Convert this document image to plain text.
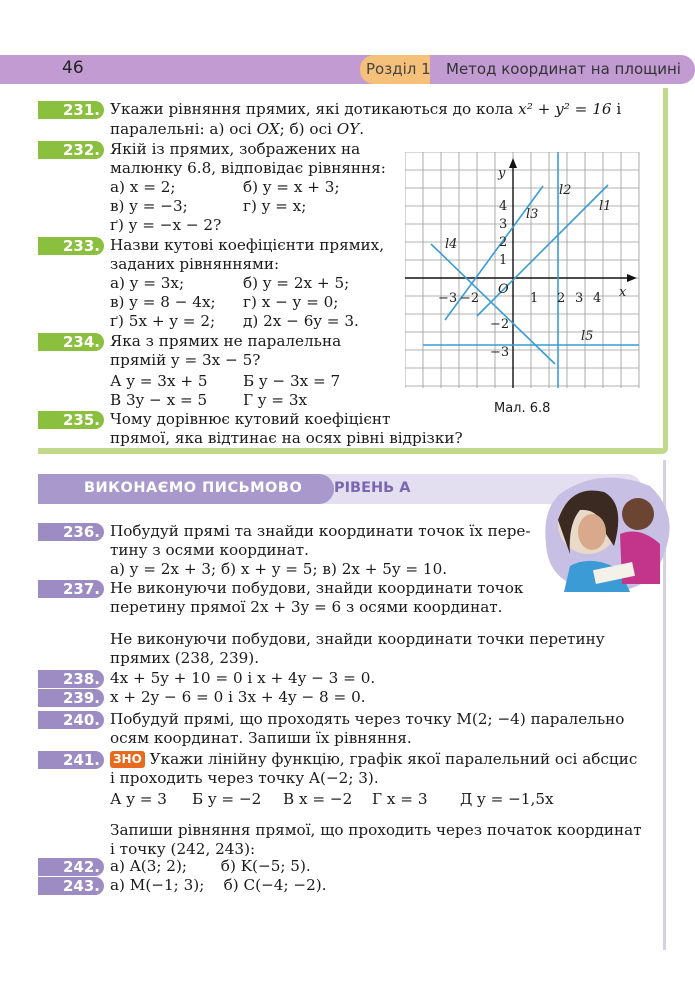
46	Розділ 1 Метод координат на площині
231. Укажи рівняння прямих, які дотикаються до кола x² + y² = 16 і
паралельні: а) осі OX; б) осі OY.
232. Якій із прямих, зображених на
малюнку 6.8, відповідає рівняння:
а) x = 2;	б) y = x + 3;
в) y = −3;	г) y = x;
ґ) y = −x − 2?
233. Назви кутові коефіцієнти прямих,
заданих рівняннями:
а) y = 3x;	б) y = 2x + 5;
в) y = 8 − 4x; г) x − y = 0;
ґ) 5x + y = 2; д) 2x − 6y = 3.
234. Яка з прямих не паралельна
прямій y = 3x − 5?
А y = 3x + 5 Б y − 3x = 7
В 3y − x = 5 Г y = 3x
235. Чому дорівнює кутовий коефіцієнт
прямої, яка відтинає на осях рівні відрізки?
x
y
O
−3 −2	1 2 3 4
4
3
2
1
−2
−3
l2
l1
l3
l4
l5
Мал. 6.8
ВИКОНАЄМО ПИСЬМОВО РІВЕНЬ А
236. Побудуй прямі та знайди координати точок їх пере-
тину з осями координат.
а) y = 2x + 3; б) x + y = 5; в) 2x + 5y = 10.
237. Не виконуючи побудови, знайди координати точок
перетину прямої 2x + 3y = 6 з осями координат.
Не виконуючи побудови, знайди координати точки перетину
прямих (238, 239).
238. 4x + 5y + 10 = 0 і x + 4y − 3 = 0.
239. x + 2y − 6 = 0 і 3x + 4y − 8 = 0.
240. Побудуй прямі, що проходять через точку M(2; −4) паралельно
осям координат. Запиши їх рівняння.
241.	ЗНО Укажи лінійну функцію, графік якої паралельний осі абсцис
і проходить через точку A(−2; 3).
А y = 3 Б y = −2 В x = −2 Г x = 3 Д y = −1,5x
Запиши рівняння прямої, що проходить через початок координат
і точку (242, 243):
242. а) A(3; 2);       б) K(−5; 5).
243. а) M(−1; 3);    б) C(−4; −2).
